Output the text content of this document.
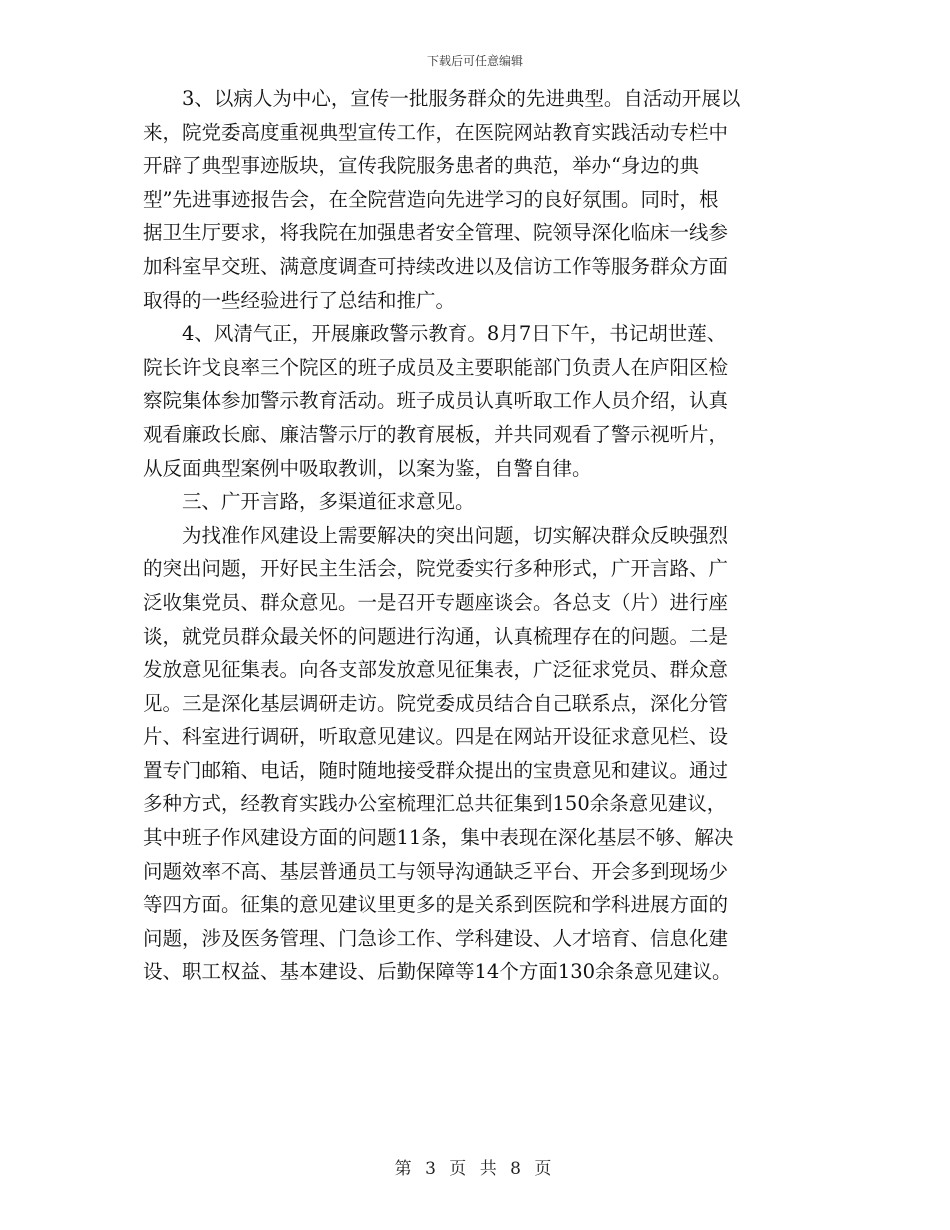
下载后可任意编辑

3、以病人为中心，宣传一批服务群众的先进典型。自活动开展以
来，院党委高度重视典型宣传工作，在医院网站教育实践活动专栏中
开辟了典型事迹版块，宣传我院服务患者的典范，举办“身边的典
型”先进事迹报告会，在全院营造向先进学习的良好氛围。同时，根
据卫生厅要求，将我院在加强患者安全管理、院领导深化临床一线参
加科室早交班、满意度调查可持续改进以及信访工作等服务群众方面
取得的一些经验进行了总结和推广。

4、风清气正，开展廉政警示教育。8月7日下午，书记胡世莲、
院长许戈良率三个院区的班子成员及主要职能部门负责人在庐阳区检
察院集体参加警示教育活动。班子成员认真听取工作人员介绍，认真
观看廉政长廊、廉洁警示厅的教育展板，并共同观看了警示视听片，
从反面典型案例中吸取教训，以案为鉴，自警自律。

三、广开言路，多渠道征求意见。

为找准作风建设上需要解决的突出问题，切实解决群众反映强烈
的突出问题，开好民主生活会，院党委实行多种形式，广开言路、广
泛收集党员、群众意见。一是召开专题座谈会。各总支（片）进行座
谈，就党员群众最关怀的问题进行沟通，认真梳理存在的问题。二是
发放意见征集表。向各支部发放意见征集表，广泛征求党员、群众意
见。三是深化基层调研走访。院党委成员结合自己联系点，深化分管
片、科室进行调研，听取意见建议。四是在网站开设征求意见栏、设
置专门邮箱、电话，随时随地接受群众提出的宝贵意见和建议。通过
多种方式，经教育实践办公室梳理汇总共征集到150余条意见建议，
其中班子作风建设方面的问题11条，集中表现在深化基层不够、解决
问题效率不高、基层普通员工与领导沟通缺乏平台、开会多到现场少
等四方面。征集的意见建议里更多的是关系到医院和学科进展方面的
问题，涉及医务管理、门急诊工作、学科建设、人才培育、信息化建
设、职工权益、基本建设、后勤保障等14个方面130余条意见建议。

第 3 页 共 8 页
